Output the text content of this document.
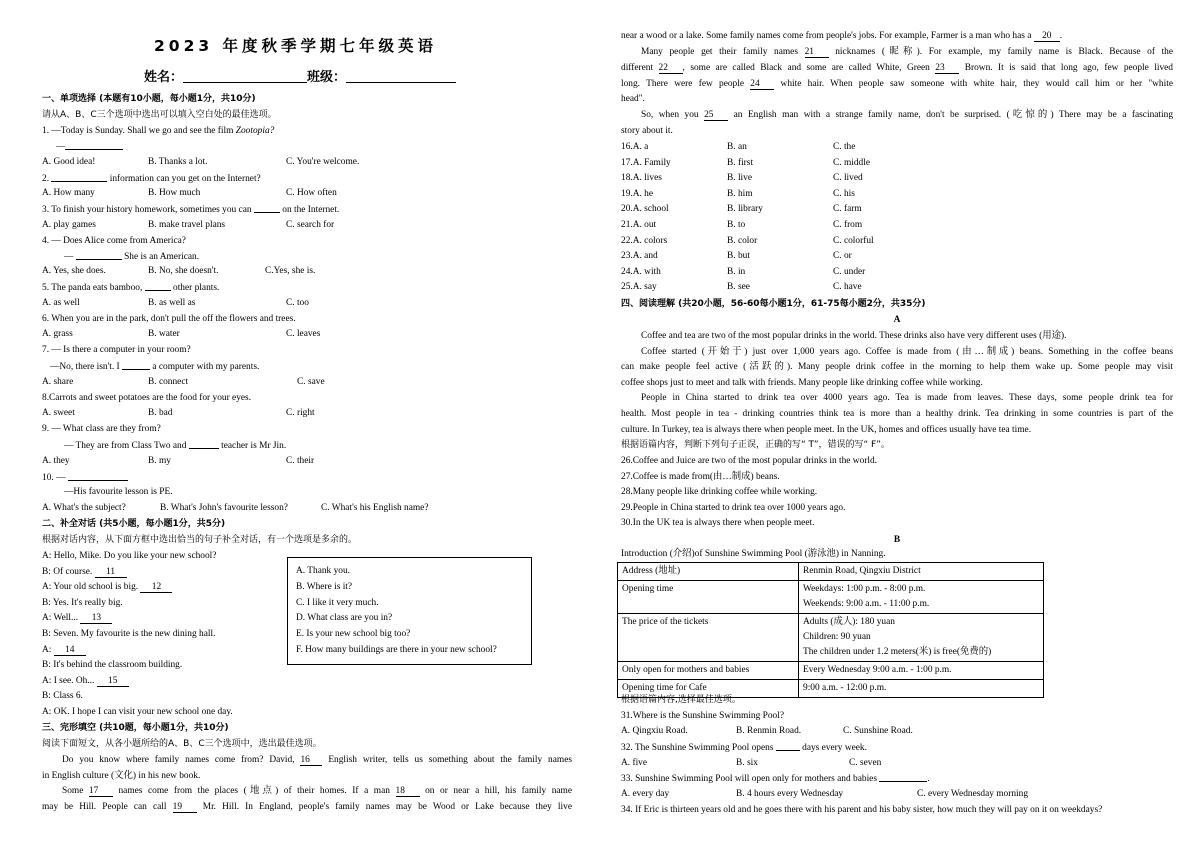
2023 年度秋季学期七年级英语
姓名：	班级：
一、单项选择 (本题有10小题，每小题1分，共10分)
请从A、B、C三个选项中选出可以填入空白处的最佳选项。
1. —Today is Sunday. Shall we go and see the film Zootopia?
—
A. Good idea!	B. Thanks a lot.	C. You're welcome.
2.	information can you get on the Internet?
A. How many	B. How much	C. How often
3. To finish your history homework, sometimes you can	on the Internet.
A. play games	B. make travel plans	C. search for
4. — Does Alice come from America?
—	She is an American.
A. Yes, she does.	B. No, she doesn't.	C.Yes, she is.
5. The panda eats bamboo,	other plants.
A. as well	B. as well as	C. too
6. When you are in the park, don't pull the off the flowers and trees.
A. grass	B. water	C. leaves
7. — Is there a computer in your room?
—No, there isn't. I	a computer with my parents.
A. share	B. connect	C. save
8.Carrots and sweet potatoes are the food for your eyes.
A. sweet	B. bad	C. right
9. — What class are they from?
— They are from Class Two and	teacher is Mr Jin.
A. they	B. my	C. their
10. —
—His favourite lesson is PE.
A. What's the subject?	B. What's John's favourite lesson?	C. What's his English name?
二、补全对话 (共5小题，每小题1分，共5分)
根据对话内容，从下面方框中选出恰当的句子补全对话，有一个选项是多余的。
A: Hello, Mike. Do you like your new school?
B: Of course. 11
A: Your old school is big. 12
B: Yes. It's really big.
A: Well... 13
B: Seven. My favourite is the new dining hall.
A: 14
B: It's behind the classroom building.
A: I see. Oh... 15
B: Class 6.
A: OK. I hope I can visit your new school one day.
A. Thank you.
B. Where is it?
C. I like it very much.
D. What class are you in?
E. Is your new school big too?
F. How many buildings are there in your new school?
三、完形填空 (共10题，每小题1分，共10分)
阅读下面短文，从各小题所给的A、B、C三个选项中，选出最佳选项。
Do you know where family names come from? David, 16 English writer, tells us something about the family names
in English culture (文化) in his new book.
Some 17 names come from the places (地点) of their homes. If a man 18 on or near a hill, his family name
may be Hill. People can call 19 Mr. Hill. In England, people's family names may be Wood or Lake because they live
near a wood or a lake. Some family names come from people's jobs. For example, Farmer is a man who has a 20 .
Many people get their family names 21 nicknames (昵称). For example, my family name is Black. Because of the
different 22 , some are called Black and some are called White, Green 23 Brown. It is said that long ago, few people lived
long. There were few people 24 white hair. When people saw someone with white hair, they would call him or her "white
head".
So, when you 25 an English man with a strange family name, don't be surprised. (吃惊的) There may be a fascinating
story about it.
16.A. a	B. an	C. the
17.A. Family	B. first	C. middle
18.A. lives	B. live	C. lived
19.A. he	B. him	C. his
20.A. school	B. library	C. farm
21.A. out	B. to	C. from
22.A. colors	B. color	C. colorful
23.A. and	B. but	C. or
24.A. with	B. in	C. under
25.A. say	B. see	C. have
四、阅读理解 (共20小题，56-60每小题1分，61-75每小题2分，共35分)
A
Coffee and tea are two of the most popular drinks in the world. These drinks also have very different uses (用途).
Coffee started (开始于) just over 1,000 years ago. Coffee is made from (由…制成) beans. Something in the coffee beans
can make people feel active (活跃的). Many people drink coffee in the morning to help them wake up. Some people may visit
coffee shops just to meet and talk with friends. Many people like drinking coffee while working.
People in China started to drink tea over 4000 years ago. Tea is made from leaves. These days, some people drink tea for
health. Most people in tea - drinking countries think tea is more than a healthy drink. Tea drinking in some countries is part of the
culture. In Turkey, tea is always there when people meet. In the UK, homes and offices usually have tea time.
根据语篇内容，判断下列句子正误，正确的写“ T”，错误的写“ F”。
26.Coffee and Juice are two of the most popular drinks in the world.
27.Coffee is made from(由…制成) beans.
28.Many people like drinking coffee while working.
29.People in China started to drink tea over 1000 years ago.
30.In the UK tea is always there when people meet.
B
Introduction (介绍)of Sunshine Swimming Pool (游泳池) in Nanning.
Address (地址)	Renmin Road, Qingxiu District

Opening time	Weekdays: 1:00 p.m. - 8:00 p.m.
Weekends: 9:00 a.m. - 11:00 p.m.

The price of the tickets	Adults (成人): 180 yuan
Children: 90 yuan
The children under 1.2 meters(米) is free(免费的)

Only open for mothers and babies	Every Wednesday 9:00 a.m. - 1:00 p.m.

Opening time for Cafe	9:00 a.m. - 12:00 p.m.
根据语篇内容,选择最佳选项。
31.Where is the Sunshine Swimming Pool?
A. Qingxiu Road.	B. Renmin Road.	C. Sunshine Road.
32. The Sunshine Swimming Pool opens	days every week.
A. five	B. six	C. seven
33. Sunshine Swimming Pool will open only for mothers and babies	.
A. every day	B. 4 hours every Wednesday	C. every Wednesday morning
34. If Eric is thirteen years old and he goes there with his parent and his baby sister, how much they will pay on it on weekdays?
